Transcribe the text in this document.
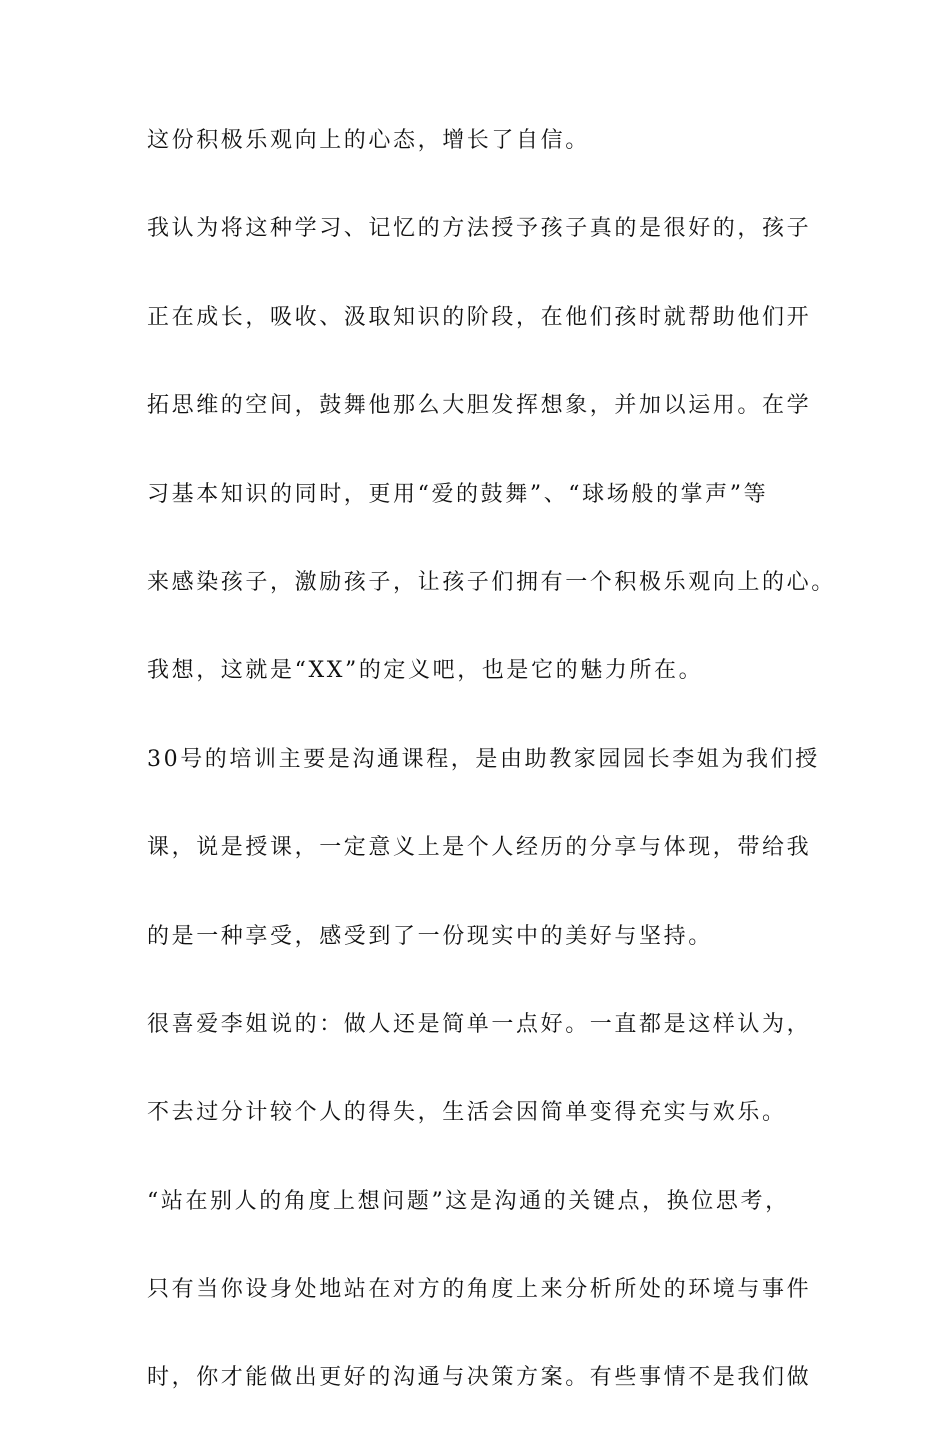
这份积极乐观向上的心态，增长了自信。

我认为将这种学习、记忆的方法授予孩子真的是很好的，孩子

正在成长，吸收、汲取知识的阶段，在他们孩时就帮助他们开

拓思维的空间，鼓舞他那么大胆发挥想象，并加以运用。在学

习基本知识的同时，更用“爱的鼓舞”、“球场般的掌声”等

来感染孩子，激励孩子，让孩子们拥有一个积极乐观向上的心。

我想，这就是“XX”的定义吧，也是它的魅力所在。

30号的培训主要是沟通课程，是由助教家园园长李姐为我们授

课，说是授课，一定意义上是个人经历的分享与体现，带给我

的是一种享受，感受到了一份现实中的美好与坚持。

很喜爱李姐说的：做人还是简单一点好。一直都是这样认为，

不去过分计较个人的得失，生活会因简单变得充实与欢乐。

“站在别人的角度上想问题”这是沟通的关键点，换位思考，

只有当你设身处地站在对方的角度上来分析所处的环境与事件

时，你才能做出更好的沟通与决策方案。有些事情不是我们做
